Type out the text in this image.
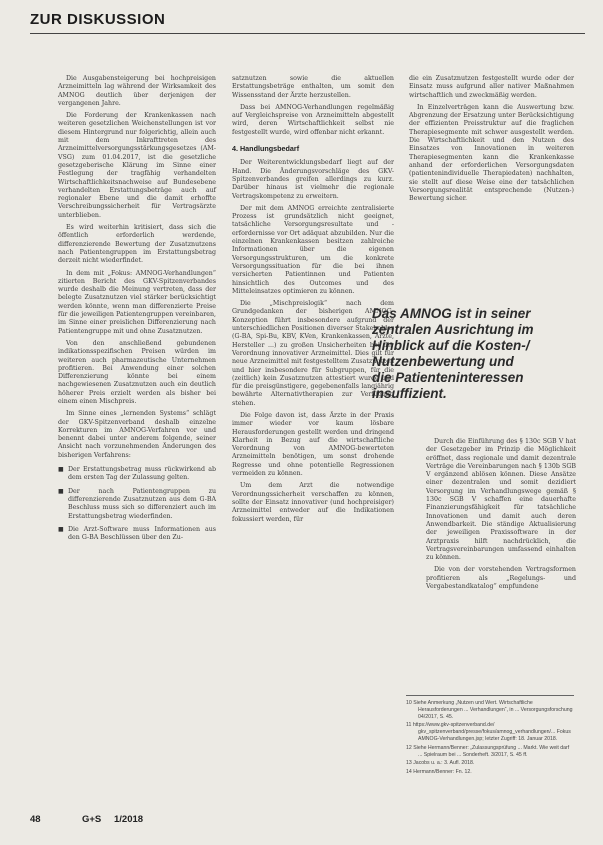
ZUR DISKUSSION

Die Ausgabensteigerung bei hochpreisigen Arzneimitteln lag während der Wirksamkeit des AMNOG deutlich über derjenigen der vergangenen Jahre.

Die Forderung der Krankenkassen nach weiteren gesetzlichen Weichenstellungen ist vor diesem Hintergrund nur folgerichtig, allein auch mit dem Inkrafttreten des Arzneimittelversorgungsstärkungsgesetzes (AM-VSG) zum 01.04.2017, ist die gesetzliche gesetzgeberische Klärung im Sinne einer Festlegung der tragfähig verhandelten Wirtschaftlichkeitsnachweise auf Bundesebene verhandelten Erstattungsbeträge auch auf regionaler Ebene und die damit erhoffte Verschreibungssicherheit für Vertragsärzte unterblieben.

Es wird weiterhin kritisiert, dass sich die öffentlich erforderlich werdende, differenzierende Bewertung der Zusatznutzens nach Patientengruppen im Erstattungsbetrag derzeit nicht wiederfindet.

In dem mit „Fokus: AMNOG-Verhandlungen“ zitierten Bericht des GKV-Spitzenverbandes wurde deshalb die Meinung vertreten, dass der belegte Zusatznutzen viel stärker berücksichtigt werden könnte, wenn man differenzierte Preise für die jeweiligen Patientengruppen vereinbaren, im Sinne einer preislichen Differenzierung nach Patientengruppe mit und ohne Zusatznutzen.

Von den anschließend gebundenen indikationsspezifischen Preisen würden im weiteren auch pharmazeutische Unternehmen profitieren. Bei Anwendung einer solchen Differenzierung könnte bei einem nachgewiesenen Zusatznutzen auch ein deutlich höherer Preis erzielt werden als bisher bei einem einen Mischpreis.

Im Sinne eines „lernenden Systems“ schlägt der GKV-Spitzenverband deshalb einzelne Korrekturen im AMNOG-Verfahren vor und benennt dabei unter anderem folgende, seiner Ansicht nach vorzunehmenden Änderungen des bisherigen Verfahrens:

■ Der Erstattungsbetrag muss rückwirkend ab dem ersten Tag der Zulassung gelten.
■ Der nach Patientengruppen zu differenzierende Zusatznutzen aus dem G-BA Beschluss muss sich so differenziert auch im Erstattungsbetrag wiederfinden.
■ Die Arzt-Software muss Informationen aus den G-BA Beschlüssen über den Zu-

satznutzen sowie die aktuellen Erstattungsbeträge enthalten, um somit den Wissensstand der Ärzte herzustellen.

Dass bei AMNOG-Verhandlungen regelmäßig auf Vergleichspreise von Arzneimitteln abgestellt wird, deren Wirtschaftlichkeit selbst nie festgestellt wurde, wird offenbar nicht erkannt.

4. Handlungsbedarf

Der Weiterentwicklungsbedarf liegt auf der Hand. Die Änderungsvorschläge des GKV-Spitzenverbandes greifen allerdings zu kurz. Darüber hinaus ist vielmehr die regionale Vertragskompetenz zu erweitern.

Der mit dem AMNOG erreichte zentralisierte Prozess ist grundsätzlich nicht geeignet, tatsächliche Versorgungsresultate und -erfordernisse vor Ort adäquat abzubilden. Nur die einzelnen Krankenkassen besitzen zahlreiche Informationen über die eigenen Versorgungsstrukturen, um die konkrete Versorgungssituation für die bei ihnen versicherten Patientinnen und Patienten hinsichtlich des Outcomes und des Mitteleinsatzes optimieren zu können.

Die „Mischpreislogik“ nach dem Grundgedanken der bisherigen AMNOG-Konzeption führt insbesondere aufgrund der unterschiedlichen Positionen diverser Stakeholder (G-BA, Spi-Bu, KBV, KVen, Krankenkassen, Ärzte, Hersteller ...) zu großen Unsicherheiten bei der Verordnung innovativer Arzneimittel. Dies gilt für neue Arzneimittel mit festgestelltem Zusatznutzen und hier insbesondere für Subgruppen, für die (zeitlich) kein Zusatznutzen attestiert wurde und für die preisgünstigere, gegebenenfalls langjährig bewährte Alternativtherapien zur Verfügung stehen.

Die Folge davon ist, dass Ärzte in der Praxis immer wieder vor kaum lösbare Herausforderungen gestellt werden und dringend Klarheit in Bezug auf die wirtschaftliche Verordnung von AMNOG-bewerteten Arzneimitteln benötigen, um sonst drohende Regresse und ohne potentielle Regressionen vermeiden zu können.

Um dem Arzt die notwendige Verordnungssicherheit verschaffen zu können, sollte der Einsatz innovativer (und hochpreisiger) Arzneimittel entweder auf die Indikationen fokussiert werden, für

die ein Zusatznutzen festgestellt wurde oder der Einsatz muss aufgrund aller nativer Maßnahmen wirtschaftlich und zweckmäßig werden.

In Einzelverträgen kann die Auswertung bzw. Abgrenzung der Ersatzung unter Berücksichtigung der effizienten Preisstruktur auf die fraglichen Therapiesegmente mit schwer ausgestellt werden. Die Wirtschaftlichkeit und den Nutzen des Einsatzes von Innovationen in weiteren Therapiesegmenten kann die Krankenkasse anhand der erforderlichen Versorgungsdaten (patientenindividuelle Therapiedaten) nachhalten, sie stellt auf diese Weise eine der tatsächlichen Versorgungsrealität entsprechende (Nutzen-) Bewertung sicher.

Das AMNOG ist in seiner
zentralen Ausrichtung im
Hinblick auf die Kosten-/
Nutzenbewertung und
die Patienteninteressen
insuffizient.

Durch die Einführung des § 130c SGB V hat der Gesetzgeber im Prinzip die Möglichkeit eröffnet, dass regionale und damit dezentrale Verträge die Vereinbarungen nach § 130b SGB V ergänzend ablösen können. Diese Ansätze einer dezentralen und somit dezidiert Versorgung im Verhandlungswege gemäß § 130c SGB V schaffen eine dauerhafte Finanzierungsfähigkeit für tatsächliche Innovationen und damit auch deren Anwendbarkeit. Die ständige Aktualisierung der jeweiligen Praxissoftware in der Arztpraxis hilft nachdrücklich, die Vertragsvereinbarungen umfassend einhalten zu können.

Die von der vorstehenden Vertragsformen profitieren als „Regelungs- und Vergabestandkatalog“ empfundene

10 Siehe Anmerkung „Nutzen und Wert. Wirtschaftliche Herausforderungen ... Verhandlungen“, in ... Versorgungsforschung 04/2017, S. 45.
11 https://www.gkv-spitzenverband.de/ gkv_spitzenverband/presse/fokus/amnog_verhandlungen/... Fokus AMNOG-Verhandlungen.jsp; letzter Zugriff: 18. Januar 2018.
12 Siehe Hermann/Benner: „Zulassungsprüfung ... Markt. Wie weit darf ... Spielraum bei ... Sonderheft. 3/2017, S. 45 ff.
13 Jacobs u. a.: 3. Aufl. 2018.
14 Hermann/Benner: Fn. 12.
48	G+S 1/2018
